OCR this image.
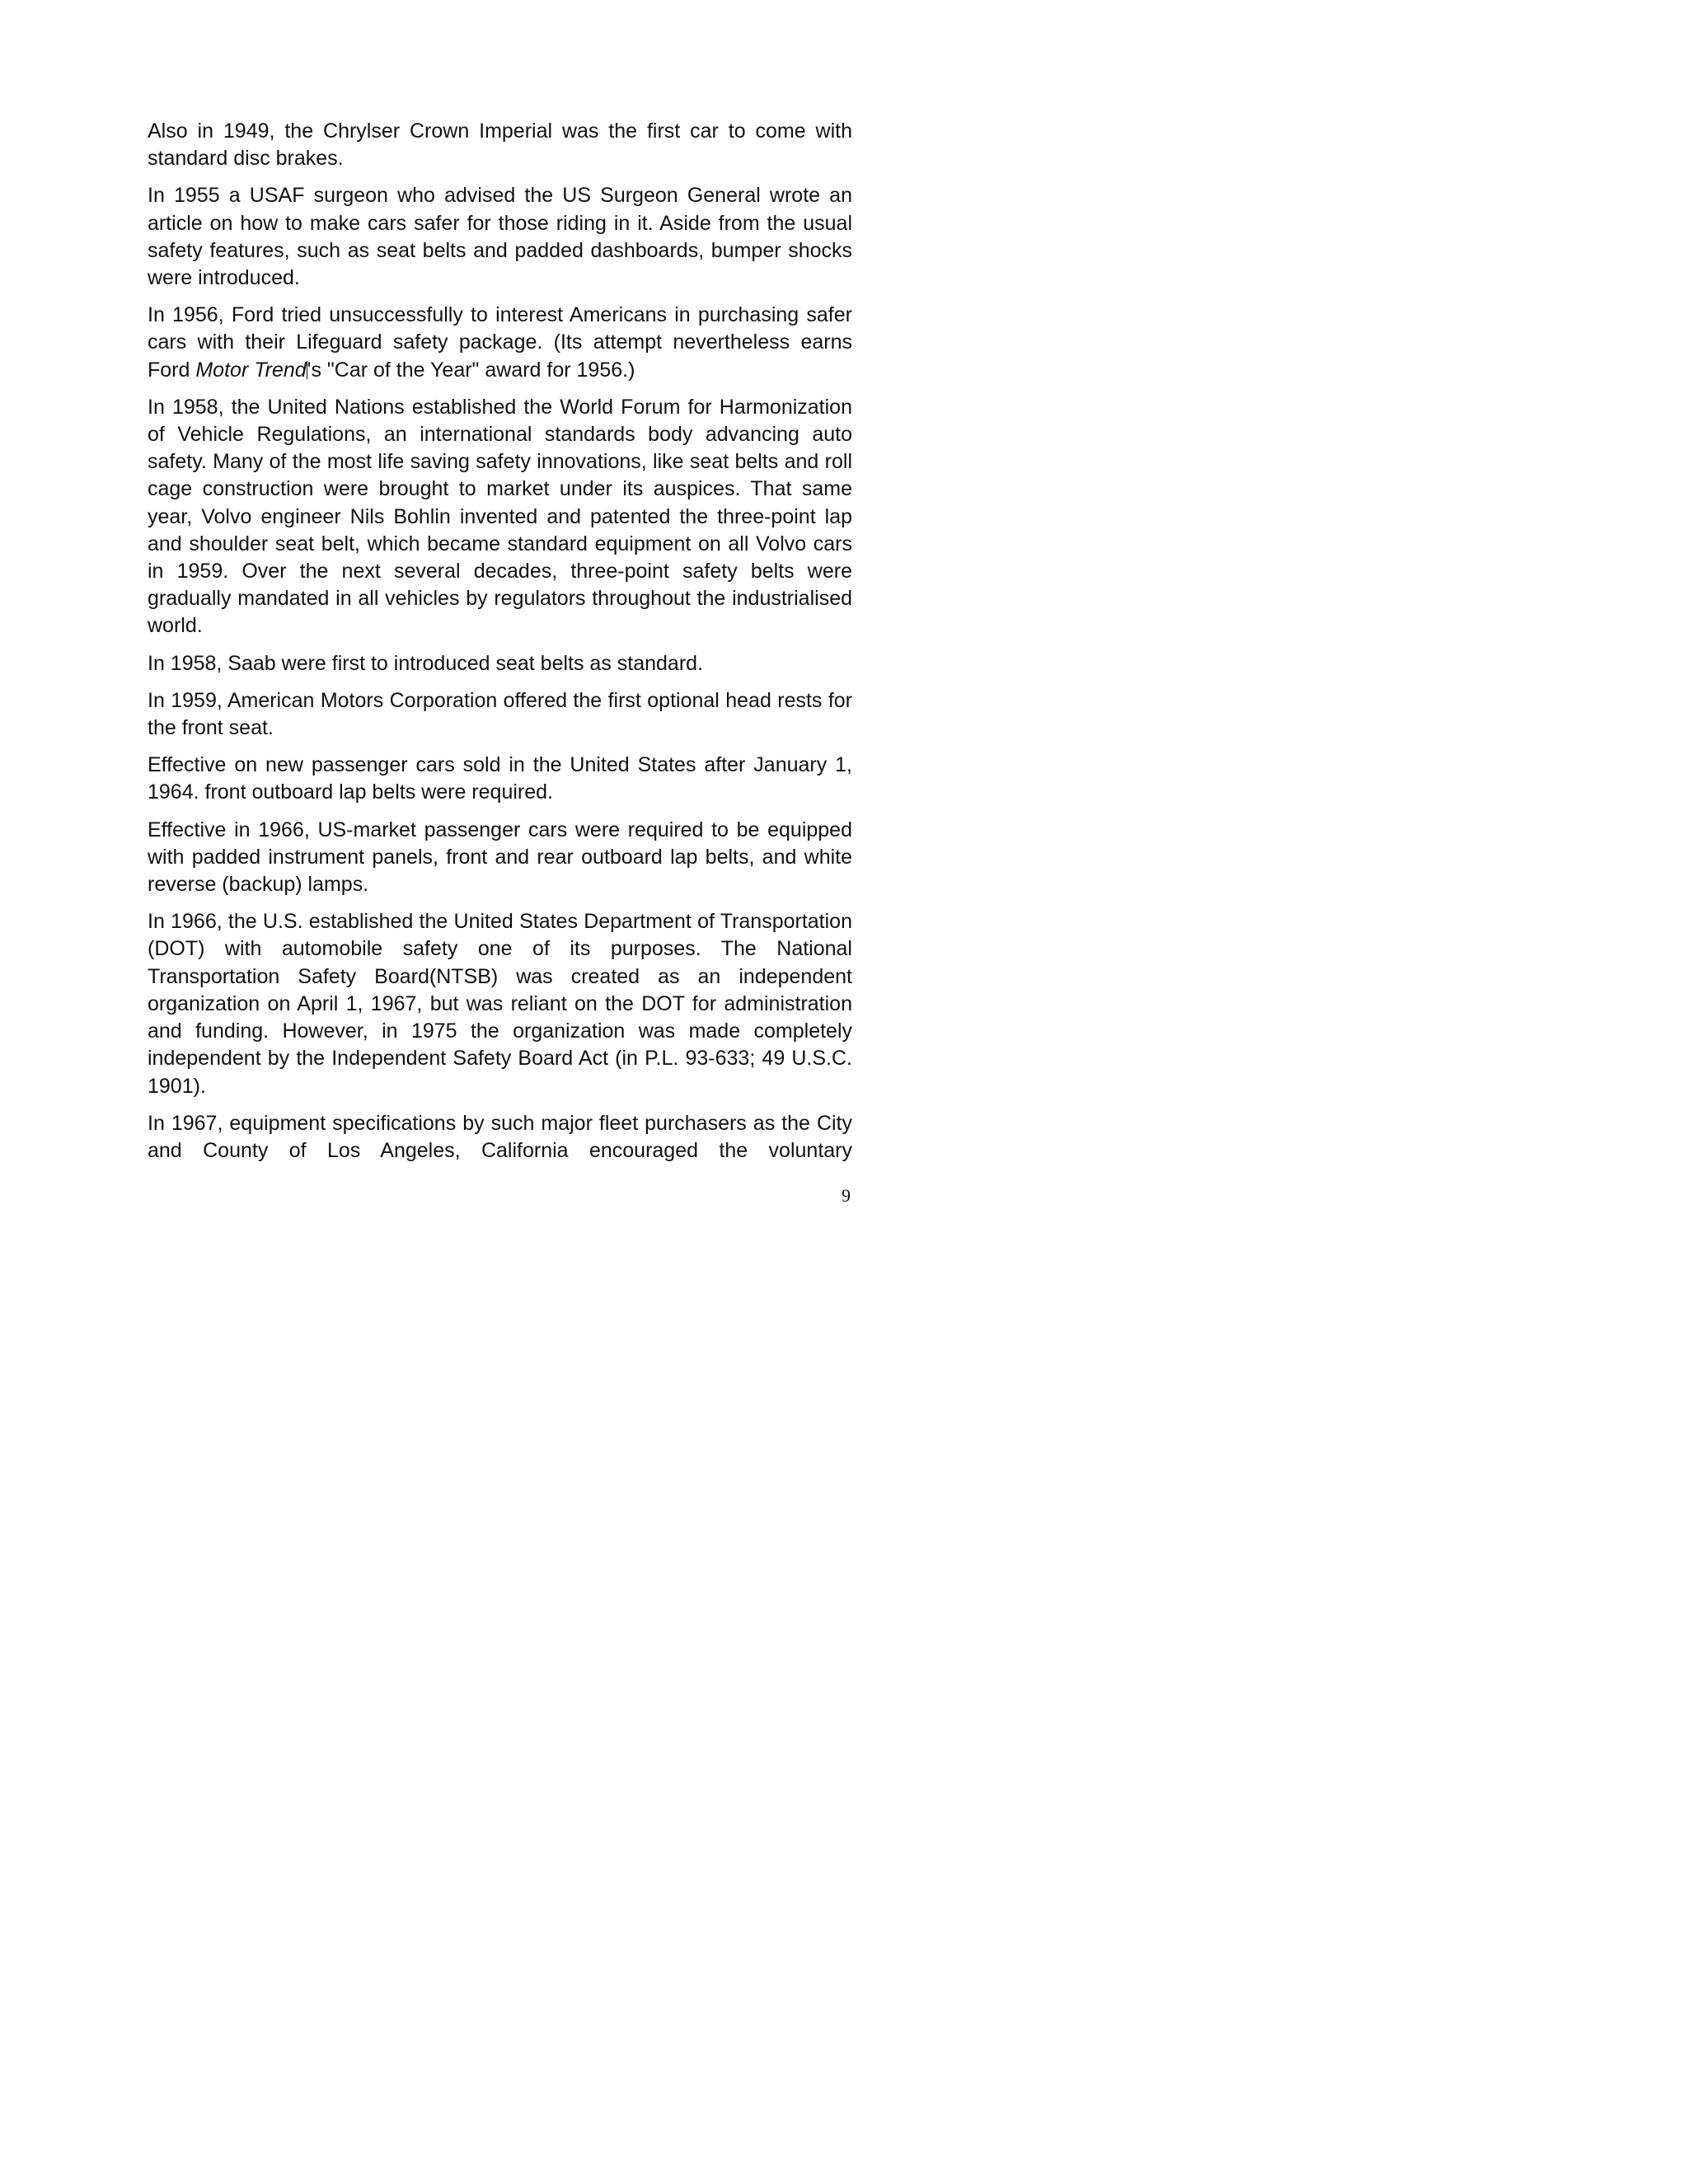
Also in 1949, the Chrylser Crown Imperial was the first car to come with standard disc brakes.

In 1955 a USAF surgeon who advised the US Surgeon General wrote an article on how to make cars safer for those riding in it. Aside from the usual safety features, such as seat belts and padded dashboards, bumper shocks were introduced.

In 1956, Ford tried unsuccessfully to interest Americans in purchasing safer cars with their Lifeguard safety package. (Its attempt nevertheless earns Ford Motor Trend's "Car of the Year" award for 1956.)

In 1958, the United Nations established the World Forum for Harmonization of Vehicle Regulations, an international standards body advancing auto safety. Many of the most life saving safety innovations, like seat belts and roll cage construction were brought to market under its auspices. That same year, Volvo engineer Nils Bohlin invented and patented the three-point lap and shoulder seat belt, which became standard equipment on all Volvo cars in 1959. Over the next several decades, three-point safety belts were gradually mandated in all vehicles by regulators throughout the industrialised world.

In 1958, Saab were first to introduced seat belts as standard.

In 1959, American Motors Corporation offered the first optional head rests for the front seat.

Effective on new passenger cars sold in the United States after January 1, 1964. front outboard lap belts were required.

Effective in 1966, US-market passenger cars were required to be equipped with padded instrument panels, front and rear outboard lap belts, and white reverse (backup) lamps.

In 1966, the U.S. established the United States Department of Transportation (DOT) with automobile safety one of its purposes. The National Transportation Safety Board(NTSB) was created as an independent organization on April 1, 1967, but was reliant on the DOT for administration and funding. However, in 1975 the organization was made completely independent by the Independent Safety Board Act (in P.L. 93-633; 49 U.S.C. 1901).

In 1967, equipment specifications by such major fleet purchasers as the City and County of Los Angeles, California encouraged the voluntary

9
